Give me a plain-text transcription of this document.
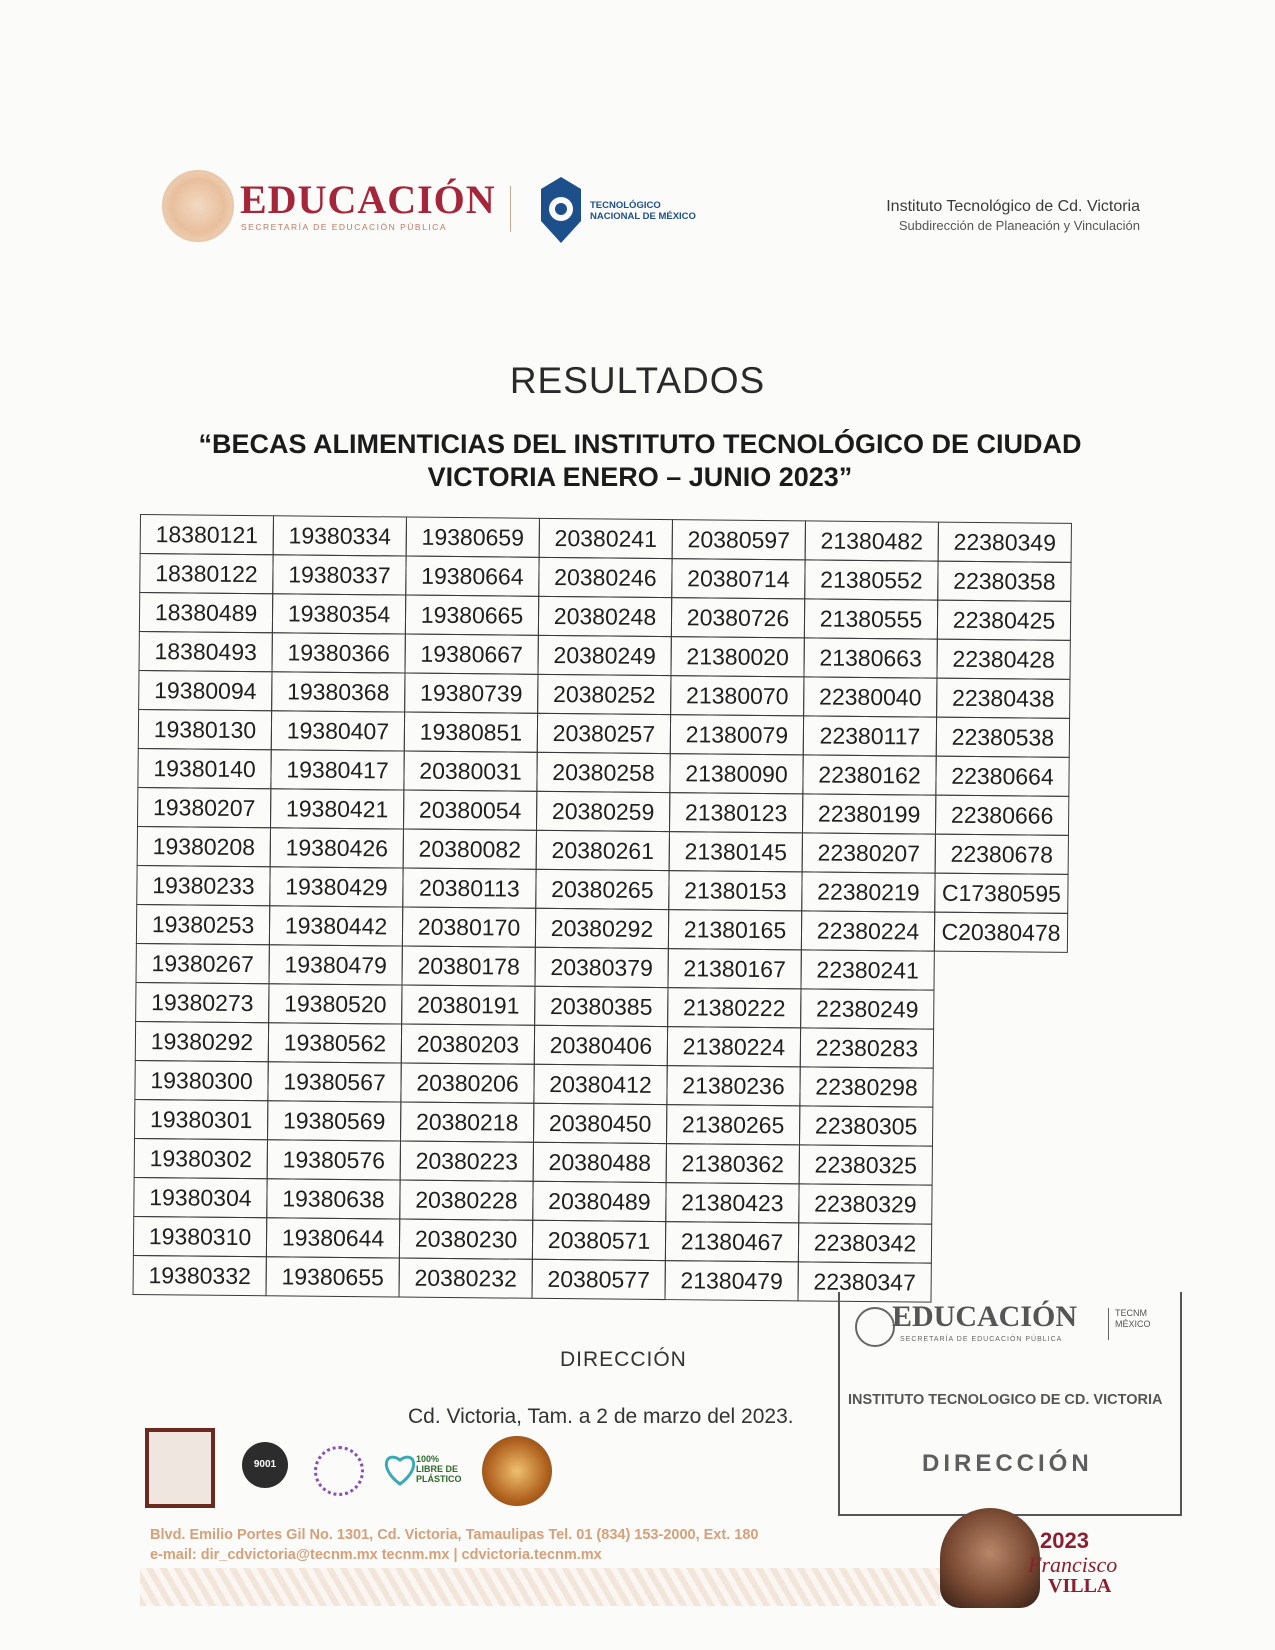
EDUCACIÓN
SECRETARÍA DE EDUCACIÓN PÚBLICA
TECNOLÓGICO
NACIONAL DE MÉXICO
Instituto Tecnológico de Cd. Victoria
Subdirección de Planeación y Vinculación
RESULTADOS
“BECAS ALIMENTICIAS DEL INSTITUTO TECNOLÓGICO DE CIUDAD VICTORIA ENERO – JUNIO 2023”
18380121
18380122
18380489
18380493
19380094
19380130
19380140
19380207
19380208
19380233
19380253
19380267
19380273
19380292
19380300
19380301
19380302
19380304
19380310
19380332
19380334
19380337
19380354
19380366
19380368
19380407
19380417
19380421
19380426
19380429
19380442
19380479
19380520
19380562
19380567
19380569
19380576
19380638
19380644
19380655
19380659
19380664
19380665
19380667
19380739
19380851
20380031
20380054
20380082
20380113
20380170
20380178
20380191
20380203
20380206
20380218
20380223
20380228
20380230
20380232
20380241
20380246
20380248
20380249
20380252
20380257
20380258
20380259
20380261
20380265
20380292
20380379
20380385
20380406
20380412
20380450
20380488
20380489
20380571
20380577
20380597
20380714
20380726
21380020
21380070
21380079
21380090
21380123
21380145
21380153
21380165
21380167
21380222
21380224
21380236
21380265
21380362
21380423
21380467
21380479
21380482
21380552
21380555
21380663
22380040
22380117
22380162
22380199
22380207
22380219
22380224
22380241
22380249
22380283
22380298
22380305
22380325
22380329
22380342
22380347
22380349
22380358
22380425
22380428
22380438
22380538
22380664
22380666
22380678
C17380595
C20380478
DIRECCIÓN
Cd. Victoria, Tam. a 2 de marzo del 2023.
EDUCACIÓN
SECRETARÍA DE EDUCACIÓN PÚBLICA
TECNM MÉXICO
INSTITUTO TECNOLOGICO DE CD. VICTORIA
DIRECCIÓN
9001	100% LIBRE DE PLÁSTICO
Blvd. Emilio Portes Gil No. 1301, Cd. Victoria, Tamaulipas Tel. 01 (834) 153-2000, Ext. 180
e-mail: dir_cdvictoria@tecnm.mx tecnm.mx | cdvictoria.tecnm.mx
2023
Francisco
VILLA
